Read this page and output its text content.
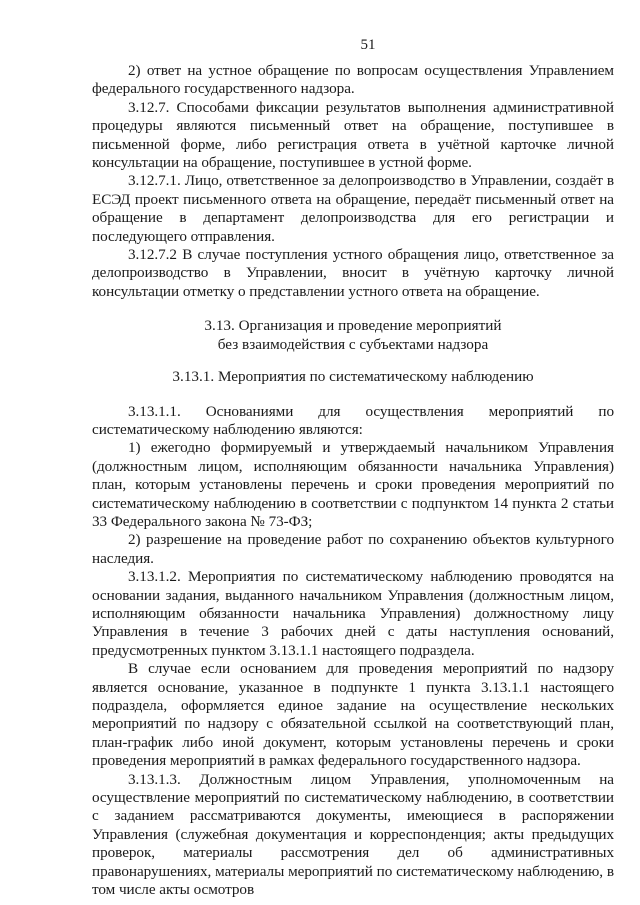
51

2) ответ на устное обращение по вопросам осуществления Управлением федерального государственного надзора.

3.12.7. Способами фиксации результатов выполнения административной процедуры являются письменный ответ на обращение, поступившее в письменной форме, либо регистрация ответа в учётной карточке личной консультации на обращение, поступившее в устной форме.

3.12.7.1. Лицо, ответственное за делопроизводство в Управлении, создаёт в ЕСЭД проект письменного ответа на обращение, передаёт письменный ответ на обращение в департамент делопроизводства для его регистрации и последующего отправления.

3.12.7.2 В случае поступления устного обращения лицо, ответственное за делопроизводство в Управлении, вносит в учётную карточку личной консультации отметку о представлении устного ответа на обращение.

3.13. Организация и проведение мероприятий

без взаимодействия с субъектами надзора

3.13.1. Мероприятия по систематическому наблюдению

3.13.1.1. Основаниями для осуществления мероприятий по систематическому наблюдению являются:

1) ежегодно формируемый и утверждаемый начальником Управления (должностным лицом, исполняющим обязанности начальника Управления) план, которым установлены перечень и сроки проведения мероприятий по систематическому наблюдению в соответствии с подпунктом 14 пункта 2 статьи 33 Федерального закона № 73-ФЗ;

2) разрешение на проведение работ по сохранению объектов культурного наследия.

3.13.1.2. Мероприятия по систематическому наблюдению проводятся на основании задания, выданного начальником Управления (должностным лицом, исполняющим обязанности начальника Управления) должностному лицу Управления в течение 3 рабочих дней с даты наступления оснований, предусмотренных пунктом 3.13.1.1 настоящего подраздела.

В случае если основанием для проведения мероприятий по надзору является основание, указанное в подпункте 1 пункта 3.13.1.1 настоящего подраздела, оформляется единое задание на осуществление нескольких мероприятий по надзору с обязательной ссылкой на соответствующий план, план-график либо иной документ, которым установлены перечень и сроки проведения мероприятий в рамках федерального государственного надзора.

3.13.1.3. Должностным лицом Управления, уполномоченным на осуществление мероприятий по систематическому наблюдению, в соответствии с заданием рассматриваются документы, имеющиеся в распоряжении Управления (служебная документация и корреспонденция; акты предыдущих проверок, материалы рассмотрения дел об административных правонарушениях, материалы мероприятий по систематическому наблюдению, в том числе акты осмотров
